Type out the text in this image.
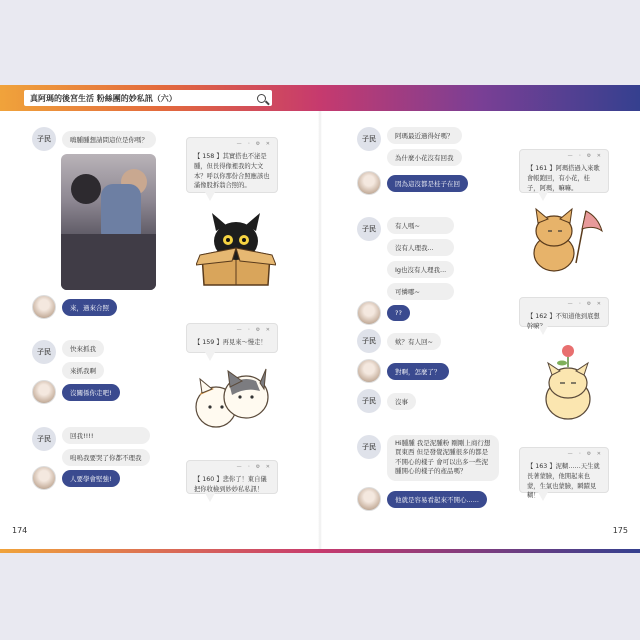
真阿瑪的後宮生活 粉絲團的妙私訊（六）
子民	嗨腫腫想請問這位是你嗎？
來，過來合照
子民	快來抓我
來抓我啊
沒關係你走吧!
子民	回我!!!!
嗚嗚我要哭了你都不理我
人要學會堅強!
— ◦ ⚙ ✕
【 158 】其實搭也不泌是腫，但長得像裡我的大文本？呼以你那份合照應該也滿像股拆翁合照的。
— ◦ ⚙ ✕
【 159 】再見來～慢走！
— ◦ ⚙ ✕
【 160 】悲你了！東自儀把你收檢到妙妙私私訊！
174
子民	阿瑪最近過得好嗎？
為什麼小花沒有回我
因為這沒都是桂子在回
子民	有人嗎~
沒有人理我...
Ig也沒有人理我...
可憐哪~
??
子民	欸？有人回~
對啊，怎麼了？
子民	沒事
子民	Hi腫腫 我是泥腫粉 剛剛上商行想買東西 但是發覺泥腫很多的都是不開心的樣子 會可以出多一些泥腫開心的樣子的產品嗎？
他就是容易看起來不開心......
— ◦ ⚙ ✕
【 161 】阿瑪搭過入來歌會帳跑回，有小花，桂子，阿瑪，嘛嘛。
— ◦ ⚙ ✕
【 162 】不知道他到底想幹嘛？
— ◦ ⚙ ✕
【 163 】泥糊……天生就長著蒙臉，他開起來也蒙，生氣也蒙臉，瞬蹟見糊！
175
